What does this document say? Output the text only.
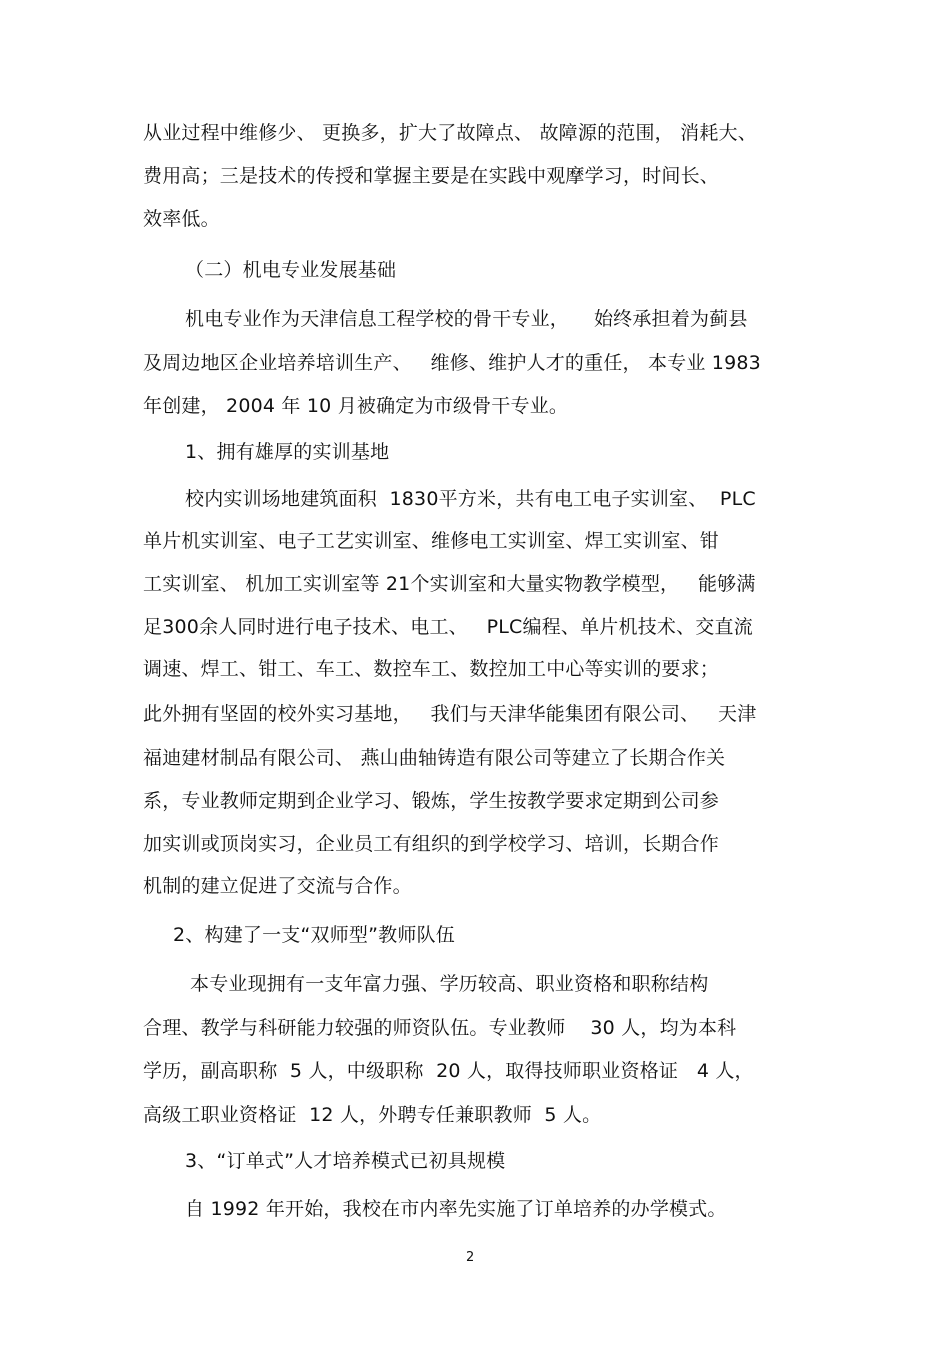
从业过程中维修少、 更换多，扩大了故障点、 故障源的范围， 消耗大、
费用高；三是技术的传授和掌握主要是在实践中观摩学习，时间长、
效率低。
（二）机电专业发展基础
机电专业作为天津信息工程学校的骨干专业，    始终承担着为蓟县
及周边地区企业培养培训生产、   维修、维护人才的重任， 本专业 1983
年创建， 2004 年 10 月被确定为市级骨干专业。
1、拥有雄厚的实训基地
校内实训场地建筑面积  1830平方米，共有电工电子实训室、  PLC
单片机实训室、电子工艺实训室、维修电工实训室、焊工实训室、钳
工实训室、 机加工实训室等 21个实训室和大量实物教学模型，   能够满
足300余人同时进行电子技术、电工、   PLC编程、单片机技术、交直流
调速、焊工、钳工、车工、数控车工、数控加工中心等实训的要求；
此外拥有坚固的校外实习基地，   我们与天津华能集团有限公司、   天津
福迪建材制品有限公司、 燕山曲轴铸造有限公司等建立了长期合作关
系，专业教师定期到企业学习、锻炼，学生按教学要求定期到公司参
加实训或顶岗实习，企业员工有组织的到学校学习、培训，长期合作
机制的建立促进了交流与合作。
2、构建了一支“双师型”教师队伍
本专业现拥有一支年富力强、学历较高、职业资格和职称结构
合理、教学与科研能力较强的师资队伍。专业教师    30 人，均为本科
学历，副高职称  5 人，中级职称  20 人，取得技师职业资格证   4 人，
高级工职业资格证  12 人，外聘专任兼职教师  5 人。
3、“订单式”人才培养模式已初具规模
自 1992 年开始，我校在市内率先实施了订单培养的办学模式。
2
